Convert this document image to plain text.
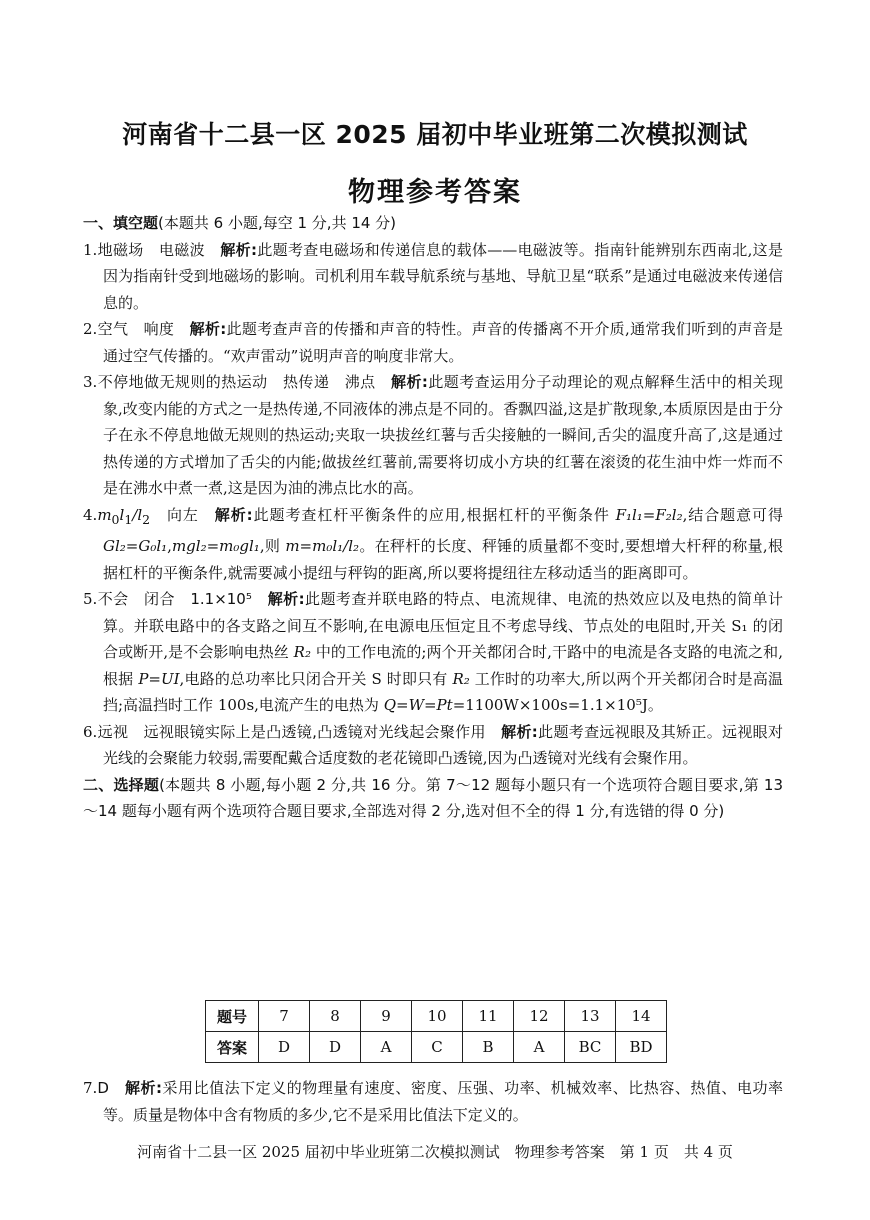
河南省十二县一区 2025 届初中毕业班第二次模拟测试
物理参考答案
一、填空题(本题共 6 小题,每空 1 分,共 14 分)
1.地磁场　电磁波　 解析:此题考查电磁场和传递信息的载体——电磁波等。指南针能辨别东西南北,这是因为指南针受到地磁场的影响。司机利用车载导航系统与基地、导航卫星“联系”是通过电磁波来传递信息的。
2.空气　响度　 解析:此题考查声音的传播和声音的特性。声音的传播离不开介质,通常我们听到的声音是通过空气传播的。“欢声雷动”说明声音的响度非常大。
3.不停地做无规则的热运动　热传递　沸点　 解析:此题考查运用分子动理论的观点解释生活中的相关现象,改变内能的方式之一是热传递,不同液体的沸点是不同的。香飘四溢,这是扩散现象,本质原因是由于分子在永不停息地做无规则的热运动;夹取一块拔丝红薯与舌尖接触的一瞬间,舌尖的温度升高了,这是通过热传递的方式增加了舌尖的内能;做拔丝红薯前,需要将切成小方块的红薯在滚烫的花生油中炸一炸而不是在沸水中煮一煮,这是因为油的沸点比水的高。
$4.m_0l_1/l_2$　向左　 解析:此题考查杠杆平衡条件的应用,根据杠杆的平衡条件 F₁l₁=F₂l₂,结合题意可得 Gl₂=G₀l₁,mgl₂=m₀gl₁,则 m=m₀l₁/l₂。在秤杆的长度、秤锤的质量都不变时,要想增大杆秤的称量,根据杠杆的平衡条件,就需要减小提纽与秤钩的距离,所以要将提纽往左移动适当的距离即可。
5.不会　闭合　1.1×10⁵　 解析:此题考查并联电路的特点、电流规律、电流的热效应以及电热的简单计算。并联电路中的各支路之间互不影响,在电源电压恒定且不考虑导线、节点处的电阻时,开关 S₁ 的闭合或断开,是不会影响电热丝 R₂ 中的工作电流的;两个开关都闭合时,干路中的电流是各支路的电流之和,根据 P=UI,电路的总功率比只闭合开关 S 时即只有 R₂ 工作时的功率大,所以两个开关都闭合时是高温挡;高温挡时工作 100s,电流产生的电热为 Q=W=Pt=1100W×100s=1.1×10⁵J。
6.远视　远视眼镜实际上是凸透镜,凸透镜对光线起会聚作用　 解析:此题考查远视眼及其矫正。远视眼对光线的会聚能力较弱,需要配戴合适度数的老花镜即凸透镜,因为凸透镜对光线有会聚作用。
二、选择题(本题共 8 小题,每小题 2 分,共 16 分。第 7～12 题每小题只有一个选项符合题目要求,第 13～14 题每小题有两个选项符合题目要求,全部选对得 2 分,选对但不全的得 1 分,有选错的得 0 分)
题号	7	8	9	10	11	12	13	14
答案	D	D	A	C	B	A	BC	BD
7.D　 解析:采用比值法下定义的物理量有速度、密度、压强、功率、机械效率、比热容、热值、电功率等。质量是物体中含有物质的多少,它不是采用比值法下定义的。
河南省十二县一区 2025 届初中毕业班第二次模拟测试　物理参考答案　第 1 页　共 4 页
